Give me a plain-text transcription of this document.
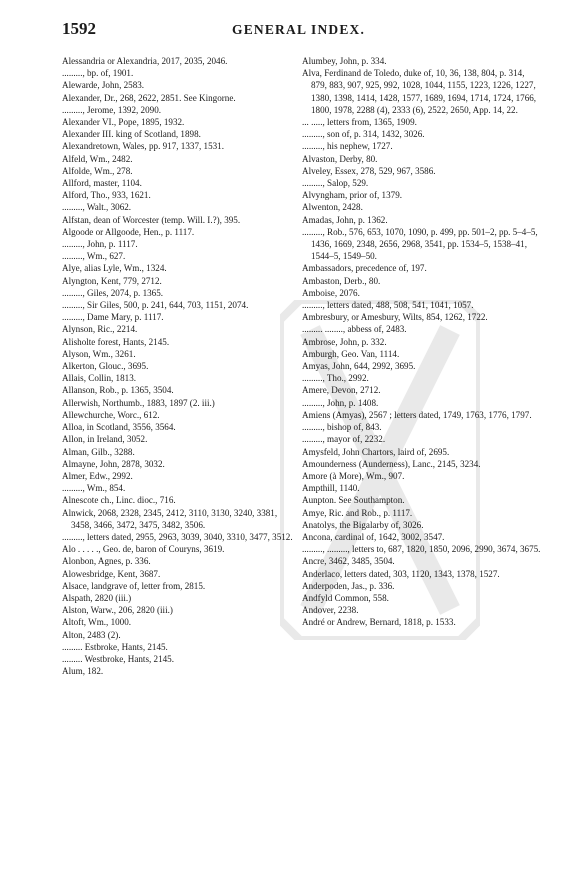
1592	GENERAL INDEX.

Alessandria or Alexandria, 2017, 2035, 2046.

........., bp. of, 1901.

Alewarde, John, 2583.

Alexander, Dr., 268, 2622, 2851. See Kingorne.

........., Jerome, 1392, 2090.

Alexander VI., Pope, 1895, 1932.

Alexander III. king of Scotland, 1898.

Alexandretown, Wales, pp. 917, 1337, 1531.

Alfeld, Wm., 2482.

Alfolde, Wm., 278.

Allford, master, 1104.

Alford, Tho., 933, 1621.

........., Walt., 3062.

Alfstan, dean of Worcester (temp. Will. I.?), 395.

Algoode or Allgoode, Hen., p. 1117.

........., John, p. 1117.

........., Wm., 627.

Alye, alias Lyle, Wm., 1324.

Alyngton, Kent, 779, 2712.

........., Giles, 2074, p. 1365.

........., Sir Giles, 500, p. 241, 644, 703, 1151, 2074.

........., Dame Mary, p. 1117.

Alynson, Ric., 2214.

Alisholte forest, Hants, 2145.

Alyson, Wm., 3261.

Alkerton, Glouc., 3695.

Allais, Collin, 1813.

Allanson, Rob., p. 1365, 3504.

Allerwish, Northumb., 1883, 1897 (2. iii.)

Allewchurche, Worc., 612.

Alloa, in Scotland, 3556, 3564.

Allon, in Ireland, 3052.

Alman, Gilb., 3288.

Almayne, John, 2878, 3032.

Almer, Edw., 2992.

........., Wm., 854.

Alnescote ch., Linc. dioc., 716.

Alnwick, 2068, 2328, 2345, 2412, 3110, 3130, 3240, 3381, 3458, 3466, 3472, 3475, 3482, 3506.

........., letters dated, 2955, 2963, 3039, 3040, 3310, 3477, 3512.

Alo . . . . ., Geo. de, baron of Couryns, 3619.

Alonbon, Agnes, p. 336.

Alowesbridge, Kent, 3687.

Alsace, landgrave of, letter from, 2815.

Alspath, 2820 (iii.)

Alston, Warw., 206, 2820 (iii.)

Altoft, Wm., 1000.

Alton, 2483 (2).

......... Estbroke, Hants, 2145.

......... Westbroke, Hants, 2145.

Alum, 182.

Alumbey, John, p. 334.

Alva, Ferdinand de Toledo, duke of, 10, 36, 138, 804, p. 314, 879, 883, 907, 925, 992, 1028, 1044, 1155, 1223, 1226, 1227, 1380, 1398, 1414, 1428, 1577, 1689, 1694, 1714, 1724, 1766, 1800, 1978, 2288 (4), 2333 (6), 2522, 2650, App. 14, 22.

... ....., letters from, 1365, 1909.

........., son of, p. 314, 1432, 3026.

........., his nephew, 1727.

Alvaston, Derby, 80.

Alveley, Essex, 278, 529, 967, 3586.

........., Salop, 529.

Alvyngham, prior of, 1379.

Alwenton, 2428.

Amadas, John, p. 1362.

........., Rob., 576, 653, 1070, 1090, p. 499, pp. 501–2, pp. 5–4–5, 1436, 1669, 2348, 2656, 2968, 3541, pp. 1534–5, 1538–41, 1544–5, 1549–50.

Ambassadors, precedence of, 197.

Ambaston, Derb., 80.

Amboise, 2076.

........., letters dated, 488, 508, 541, 1041, 1057.

Ambresbury, or Amesbury, Wilts, 854, 1262, 1722.

......... ........, abbess of, 2483.

Ambrose, John, p. 332.

Amburgh, Geo. Van, 1114.

Amyas, John, 644, 2992, 3695.

........., Tho., 2992.

Amere, Devon, 2712.

........., John, p. 1408.

Amiens (Amyas), 2567 ; letters dated, 1749, 1763, 1776, 1797.

........., bishop of, 843.

........., mayor of, 2232.

Amysfeld, John Chartors, laird of, 2695.

Amounderness (Aunderness), Lanc., 2145, 3234.

Amore (à More), Wm., 907.

Ampthill, 1140.

Aunpton. See Southampton.

Amye, Ric. and Rob., p. 1117.

Anatolys, the Bigalarby of, 3026.

Ancona, cardinal of, 1642, 3002, 3547.

........., ........., letters to, 687, 1820, 1850, 2096, 2990, 3674, 3675.

Ancre, 3462, 3485, 3504.

Anderlaco, letters dated, 303, 1120, 1343, 1378, 1527.

Anderpoden, Jas., p. 336.

Andfyld Common, 558.

Andover, 2238.

André or Andrew, Bernard, 1818, p. 1533.
